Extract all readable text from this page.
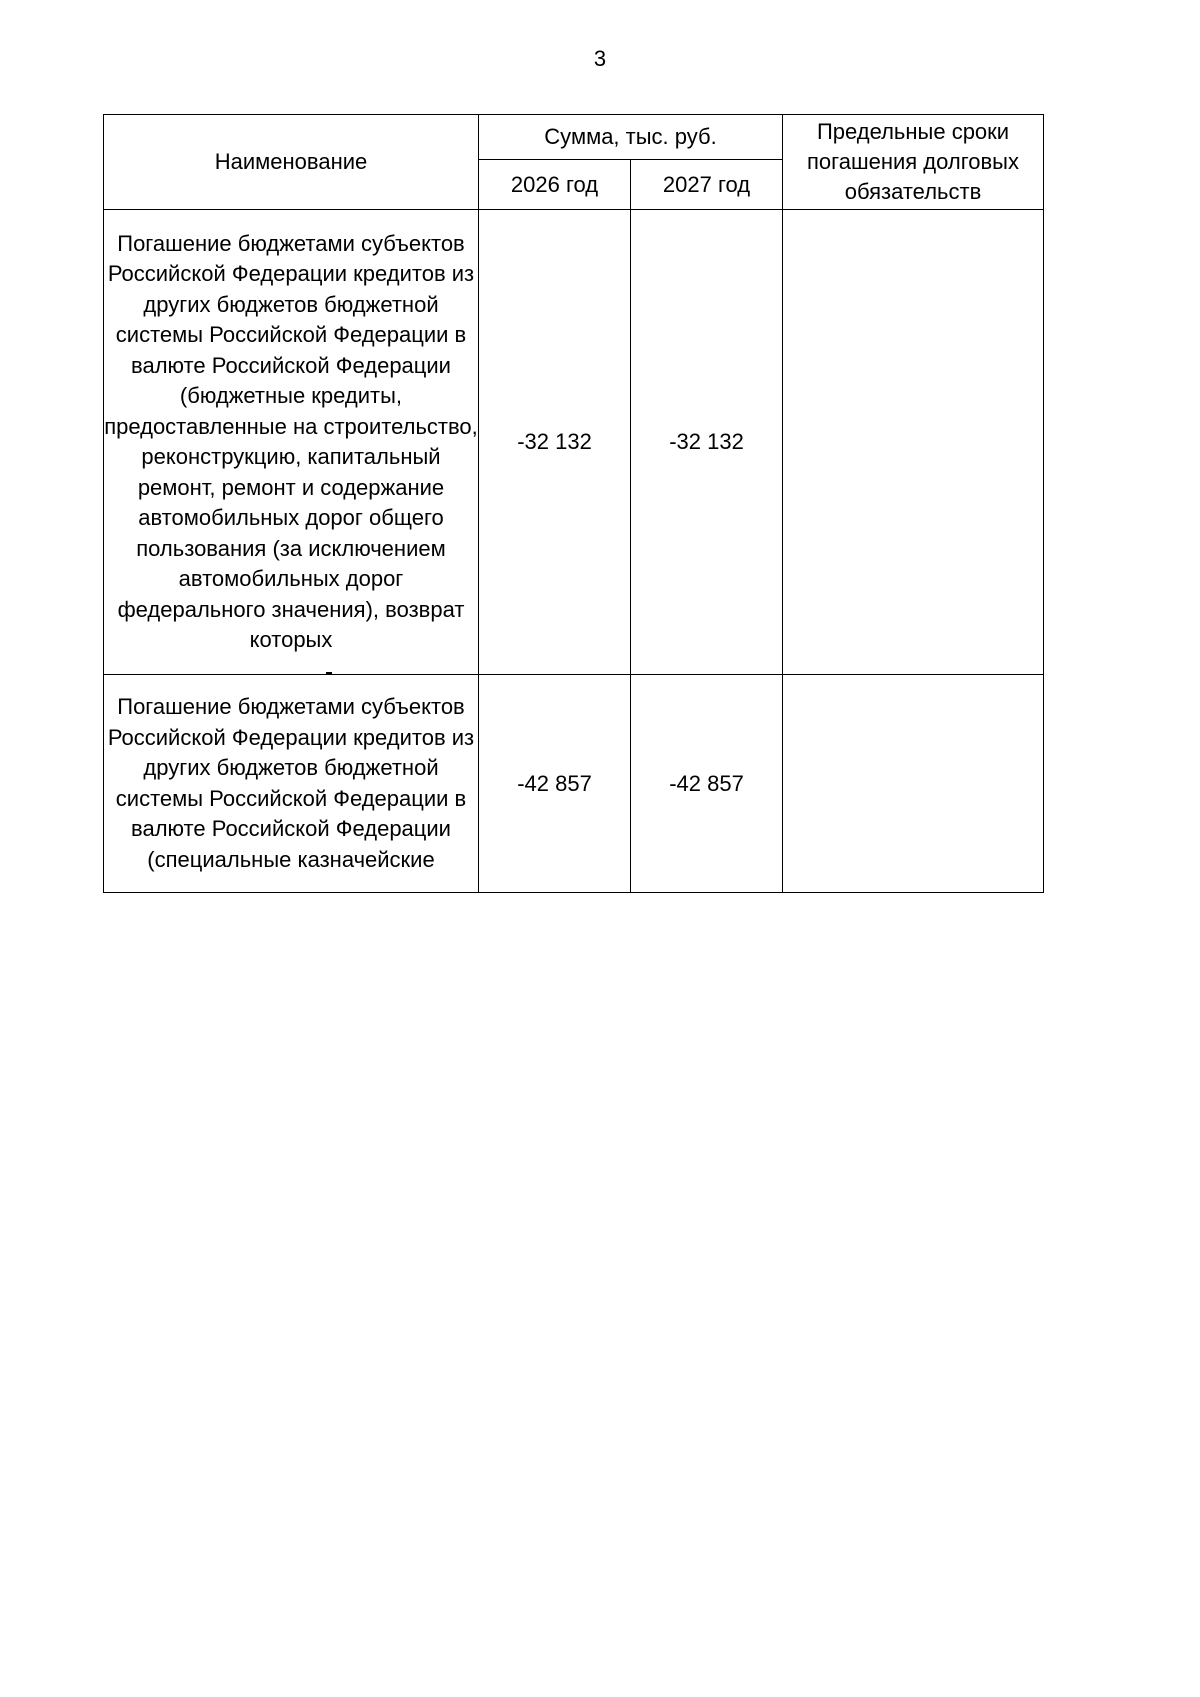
3
Наименование	Сумма, тыс. руб.		Предельные сроки погашения долговых обязательств
	2026 год	2027 год	
Погашение бюджетами субъектов Российской Федерации кредитов из других бюджетов бюджетной системы Российской Федерации в валюте Российской Федерации (бюджетные кредиты, предоставленные на строительство, реконструкцию, капитальный ремонт, ремонт и содержание автомобильных дорог общего пользования (за исключением автомобильных дорог федерального значения), возврат которых	-32 132	-32 132	
Погашение бюджетами субъектов Российской Федерации кредитов из других бюджетов бюджетной системы Российской Федерации в валюте Российской Федерации (специальные казначейские	-42 857	-42 857	
